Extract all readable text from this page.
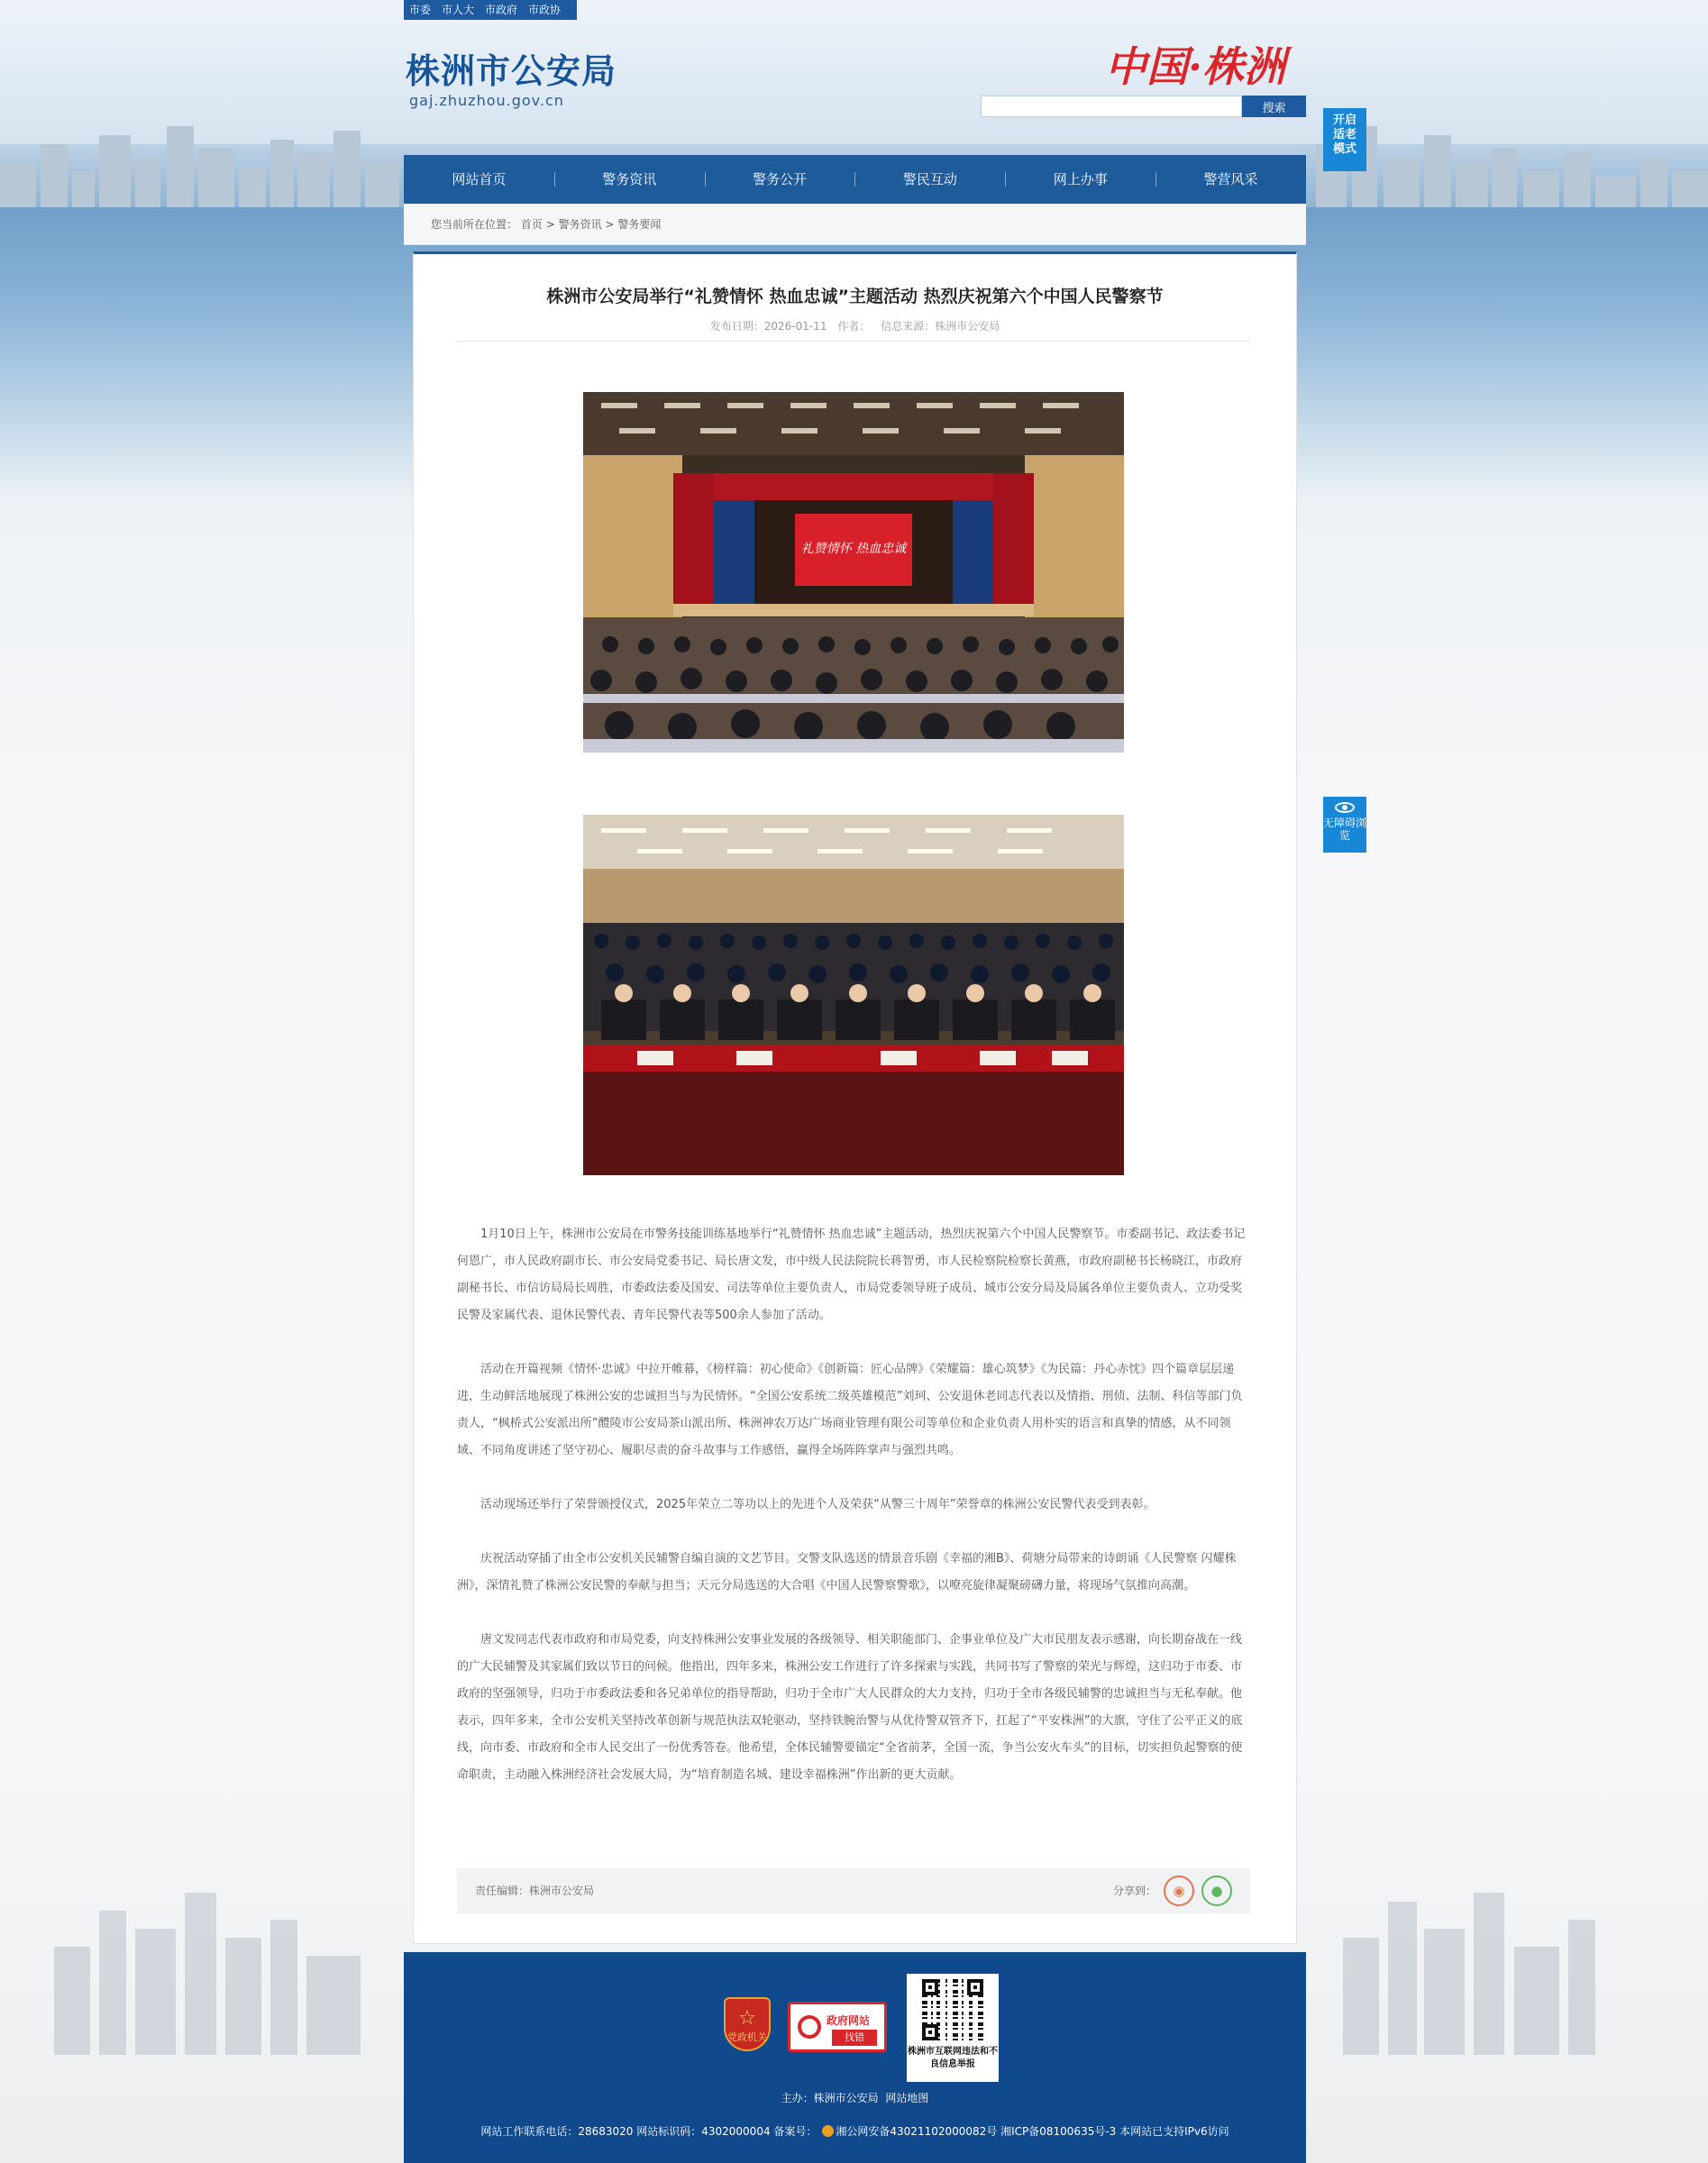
市委 市人大 市政府 市政协
株洲市公安局
gaj.zhuzhou.gov.cn
中国·株洲
搜索
开启
适老
模式
无障碍浏览
网站首页	警务资讯	警务公开	警民互动	网上办事	警营风采
您当前所在位置： 首页 > 警务资讯 > 警务要闻
株洲市公安局举行“礼赞情怀 热血忠诚”主题活动 热烈庆祝第六个中国人民警察节
发布日期：2026-01-11 作者： 信息来源：株洲市公安局
礼赞情怀 热血忠诚

1月10日上午，株洲市公安局在市警务技能训练基地举行“礼赞情怀 热血忠诚”主题活动，热烈庆祝第六个中国人民警察节。市委副书记、政法委书记何恩广，市人民政府副市长、市公安局党委书记、局长唐文发，市中级人民法院院长蒋智勇，市人民检察院检察长黄燕，市政府副秘书长杨晓江，市政府副秘书长、市信访局局长周胜，市委政法委及国安、司法等单位主要负责人，市局党委领导班子成员、城市公安分局及局属各单位主要负责人、立功受奖民警及家属代表、退休民警代表、青年民警代表等500余人参加了活动。

活动在开篇视频《情怀·忠诚》中拉开帷幕，《榜样篇：初心使命》《创新篇：匠心品牌》《荣耀篇：雄心筑梦》《为民篇：丹心赤忱》四个篇章层层递进，生动鲜活地展现了株洲公安的忠诚担当与为民情怀。“全国公安系统二级英雄模范”刘珂、公安退休老同志代表以及情指、刑侦、法制、科信等部门负责人，“枫桥式公安派出所”醴陵市公安局茶山派出所、株洲神农万达广场商业管理有限公司等单位和企业负责人用朴实的语言和真挚的情感，从不同领域、不同角度讲述了坚守初心、履职尽责的奋斗故事与工作感悟，赢得全场阵阵掌声与强烈共鸣。

活动现场还举行了荣誉颁授仪式，2025年荣立二等功以上的先进个人及荣获“从警三十周年”荣誉章的株洲公安民警代表受到表彰。

庆祝活动穿插了由全市公安机关民辅警自编自演的文艺节目。交警支队选送的情景音乐剧《幸福的湘B》、荷塘分局带来的诗朗诵《人民警察 闪耀株洲》，深情礼赞了株洲公安民警的奉献与担当；天元分局选送的大合唱《中国人民警察警歌》，以嘹亮旋律凝聚磅礴力量，将现场气氛推向高潮。

唐文发同志代表市政府和市局党委，向支持株洲公安事业发展的各级领导、相关职能部门、企事业单位及广大市民朋友表示感谢，向长期奋战在一线的广大民辅警及其家属们致以节日的问候。他指出，四年多来，株洲公安工作进行了许多探索与实践，共同书写了警察的荣光与辉煌，这归功于市委、市政府的坚强领导，归功于市委政法委和各兄弟单位的指导帮助，归功于全市广大人民群众的大力支持，归功于全市各级民辅警的忠诚担当与无私奉献。他表示，四年多来，全市公安机关坚持改革创新与规范执法双轮驱动，坚持铁腕治警与从优待警双管齐下，扛起了“平安株洲”的大旗，守住了公平正义的底线，向市委、市政府和全市人民交出了一份优秀答卷。他希望，全体民辅警要锚定“全省前茅，全国一流，争当公安火车头”的目标，切实担负起警察的使命职责，主动融入株洲经济社会发展大局，为“培育制造名城、建设幸福株洲”作出新的更大贡献。

责任编辑：株洲市公安局	分享到：	◉	●
☆
党政机关
政府网站
找错
株洲市互联网违法和不良信息举报
主办：株洲市公安局 网站地图
网站工作联系电话：28683020 网站标识码：4302000004 备案号： 湘公网安备43021102000082号 湘ICP备08100635号-3 本网站已支持IPv6访问
